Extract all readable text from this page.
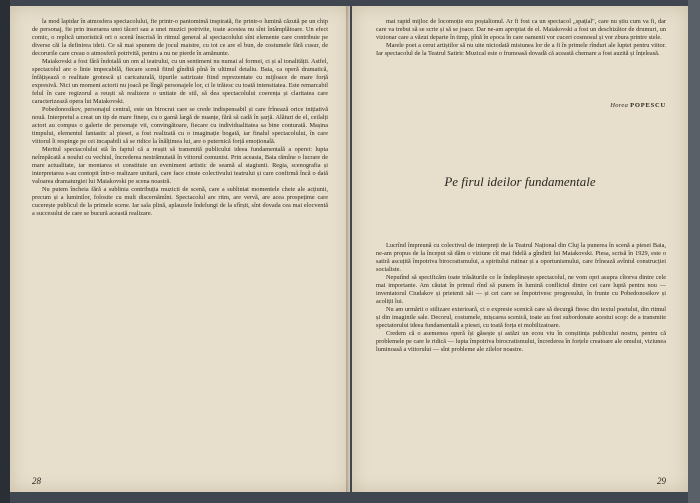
la mod lapidar în atmosfera spectacolului, fie printr-o pantomimă inspirată, fie printr-o lumină căzută pe un chip de personaj, fie prin inserarea unei tăceri sau a unei muzici potrivite, toate acestea nu sînt întâmplătoare. Un efect comic, o replică umoristică ori o scenă înscrisă în ritmul general al spectacolului sînt elemente care contribuie pe diverse căi la definirea ideii. Ce să mai spunem de jocul maistre, cu tot ce are el bun, de costumele fără cusur, de decorurile care creau o atmosferă potrivită, pentru a nu ne pierde în amănunte.

Maiakovski a fost fără îndoială un om al teatrului, cu un sentiment nu numai al formei, ci și al tonalității. Astfel, spectacolul are o linie impecabilă, fiecare scenă fiind gîndită pînă în ultimul detaliu. Baia, ca operă dramatică, înfățișează o realitate grotescă și caricaturală, tipurile satirizate fiind reprezentate cu mijloace de mare forță expresivă. Nici un moment actorii nu joacă pe lîngă personajele lor, ci le trăiesc cu toată intensitatea. Este remarcabil felul în care regizorul a reușit să realizeze o unitate de stil, să dea spectacolului coerența și claritatea care caracterizează opera lui Maiakovski.

Pobedonosikov, personajul central, este un birocrat care se crede indispensabil și care frînează orice inițiativă nouă. Interpretul a creat un tip de mare finețe, cu o gamă largă de nuanțe, fără să cadă în șarjă. Alături de el, ceilalți actori au compus o galerie de personaje vii, convingătoare, fiecare cu individualitatea sa bine conturată. Mașina timpului, elementul fantastic al piesei, a fost realizată cu o imaginație bogată, iar finalul spectacolului, în care viitorul îi respinge pe cei incapabili să se ridice la înălțimea lui, are o puternică forță emoțională.

Meritul spectacolului stă în faptul că a reușit să transmită publicului ideea fundamentală a operei: lupta neîmpăcată a noului cu vechiul, încrederea nestrămutată în viitorul comunist. Prin aceasta, Baia rămîne o lucrare de mare actualitate, iar montarea ei constituie un eveniment artistic de seamă al stagiunii. Regia, scenografia și interpretarea s-au contopit într-o realizare unitară, care face cinste colectivului teatrului și care confirmă încă o dată valoarea dramaturgiei lui Maiakovski pe scena noastră.

Nu putem încheia fără a sublinia contribuția muzicii de scenă, care a subliniat momentele cheie ale acțiunii, precum și a luminilor, folosite cu mult discernămînt. Spectacolul are ritm, are vervă, are acea prospețime care cucerește publicul de la primele scene. Iar sala plină, aplauzele îndelungi de la sfîrșit, sînt dovada cea mai elocventă a succesului de care se bucură această realizare.

28

mai rapid mijloc de locomoție era poștalionul. Ar fi fost ca un spectacol „spațial", care nu știu cum va fi, dar care va trebui să se scrie și să se joace. Dar ne-am apropiat de el. Maiakovski a fost un deschizător de drumuri, un vizionar care a văzut departe în timp, pînă în epoca în care oamenii vor cuceri cosmosul și vor zbura printre stele.

Marele poet a cerut artiștilor să nu uite niciodată misiunea lor de a fi în primele rînduri ale luptei pentru viitor. Iar spectacolul de la Teatrul Satiric Muzical este o frumoasă dovadă că această chemare a fost auzită și înțeleasă.

Horea POPESCU
Pe firul ideilor fundamentale

Lucrînd împreună cu colectivul de interpreți de la Teatrul Național din Cluj la punerea în scenă a piesei Baia, ne-am propus de la început să dăm o viziune cît mai fidelă a gîndirii lui Maiakovski. Piesa, scrisă în 1929, este o satiră ascuțită împotriva birocratismului, a spiritului rutinar și a oportunismului, care frînează avîntul construcției socialiste.

Neputînd să specificăm toate trăsăturile ce le îndeplinește spectacolul, ne vom opri asupra cîtorva dintre cele mai importante. Am căutat în primul rînd să punem în lumină conflictul dintre cei care luptă pentru nou — inventatorul Ciudakov și prietenii săi — și cei care se împotrivesc progresului, în frunte cu Pobedonosikov și acoliții lui.

Nu am urmărit o stilizare exterioară, ci o expresie scenică care să decurgă firesc din textul poetului, din ritmul și din imaginile sale. Decorul, costumele, mișcarea scenică, toate au fost subordonate acestui scop: de a transmite spectatorului ideea fundamentală a piesei, cu toată forța ei mobilizatoare.

Credem că o asemenea operă își găsește și astăzi un ecou viu în conștiința publicului nostru, pentru că problemele pe care le ridică — lupta împotriva birocratismului, încrederea în forțele creatoare ale omului, viziunea luminoasă a viitorului — sînt probleme ale zilelor noastre.

29
